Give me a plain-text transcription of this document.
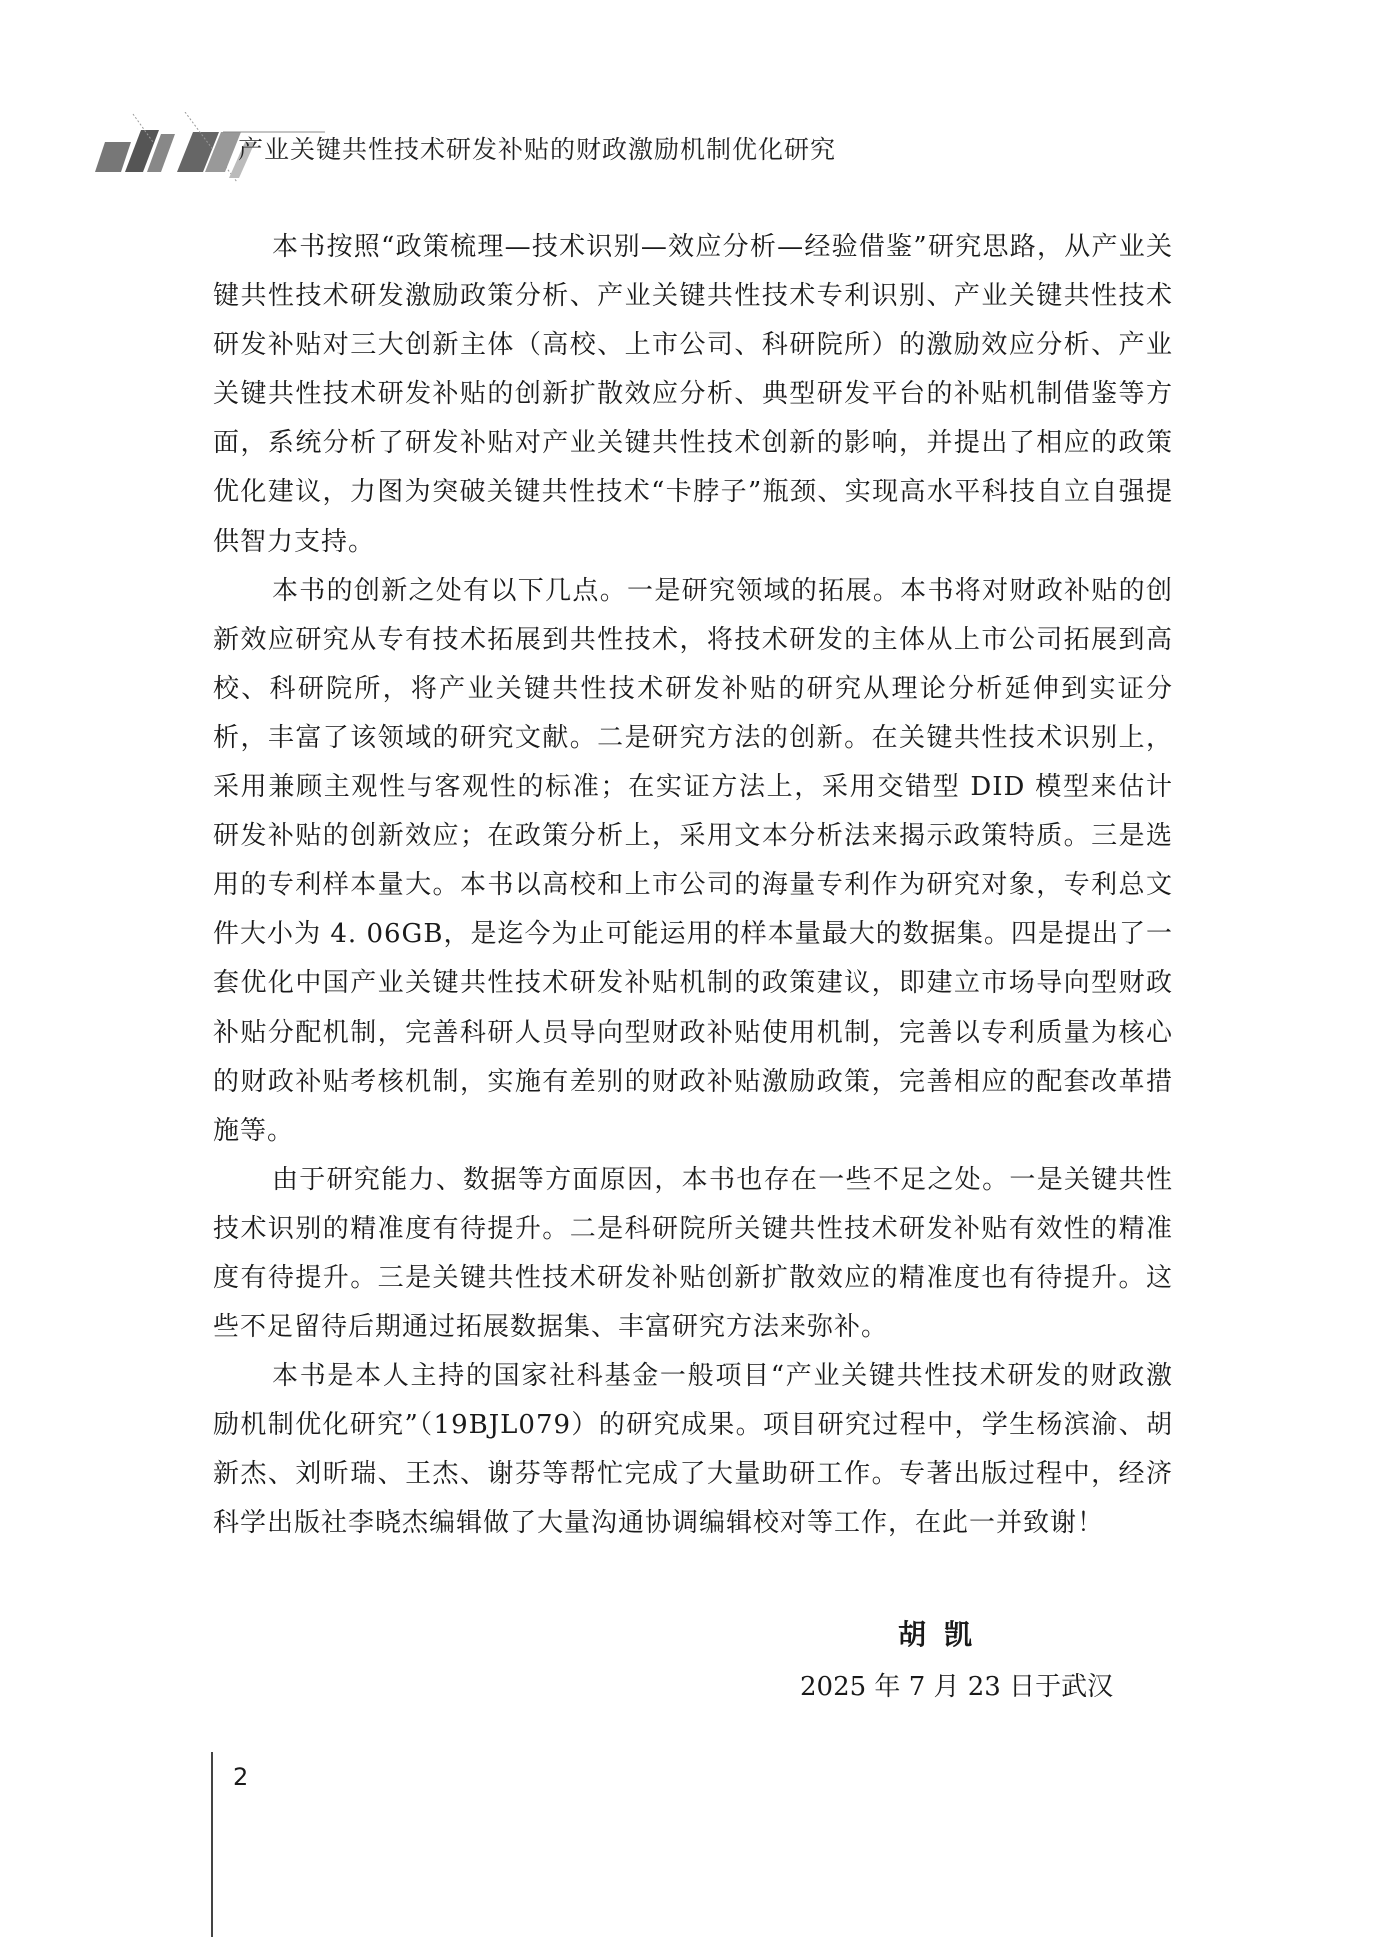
产业关键共性技术研发补贴的财政激励机制优化研究

本书按照“政策梳理—技术识别—效应分析—经验借鉴”研究思路，从产业关键共性技术研发激励政策分析、产业关键共性技术专利识别、产业关键共性技术研发补贴对三大创新主体（高校、上市公司、科研院所）的激励效应分析、产业关键共性技术研发补贴的创新扩散效应分析、典型研发平台的补贴机制借鉴等方面，系统分析了研发补贴对产业关键共性技术创新的影响，并提出了相应的政策优化建议，力图为突破关键共性技术“卡脖子”瓶颈、实现高水平科技自立自强提供智力支持。

本书的创新之处有以下几点。一是研究领域的拓展。本书将对财政补贴的创新效应研究从专有技术拓展到共性技术，将技术研发的主体从上市公司拓展到高校、科研院所，将产业关键共性技术研发补贴的研究从理论分析延伸到实证分析，丰富了该领域的研究文献。二是研究方法的创新。在关键共性技术识别上，采用兼顾主观性与客观性的标准；在实证方法上，采用交错型 DID 模型来估计研发补贴的创新效应；在政策分析上，采用文本分析法来揭示政策特质。三是选用的专利样本量大。本书以高校和上市公司的海量专利作为研究对象，专利总文件大小为 4. 06GB，是迄今为止可能运用的样本量最大的数据集。四是提出了一套优化中国产业关键共性技术研发补贴机制的政策建议，即建立市场导向型财政补贴分配机制，完善科研人员导向型财政补贴使用机制，完善以专利质量为核心的财政补贴考核机制，实施有差别的财政补贴激励政策，完善相应的配套改革措施等。

由于研究能力、数据等方面原因，本书也存在一些不足之处。一是关键共性技术识别的精准度有待提升。二是科研院所关键共性技术研发补贴有效性的精准度有待提升。三是关键共性技术研发补贴创新扩散效应的精准度也有待提升。这些不足留待后期通过拓展数据集、丰富研究方法来弥补。

本书是本人主持的国家社科基金一般项目“产业关键共性技术研发的财政激励机制优化研究”（19BJL079）的研究成果。项目研究过程中，学生杨滨渝、胡新杰、刘昕瑞、王杰、谢芬等帮忙完成了大量助研工作。专著出版过程中，经济科学出版社李晓杰编辑做了大量沟通协调编辑校对等工作，在此一并致谢！

胡凯
2025 年 7 月 23 日于武汉
2
